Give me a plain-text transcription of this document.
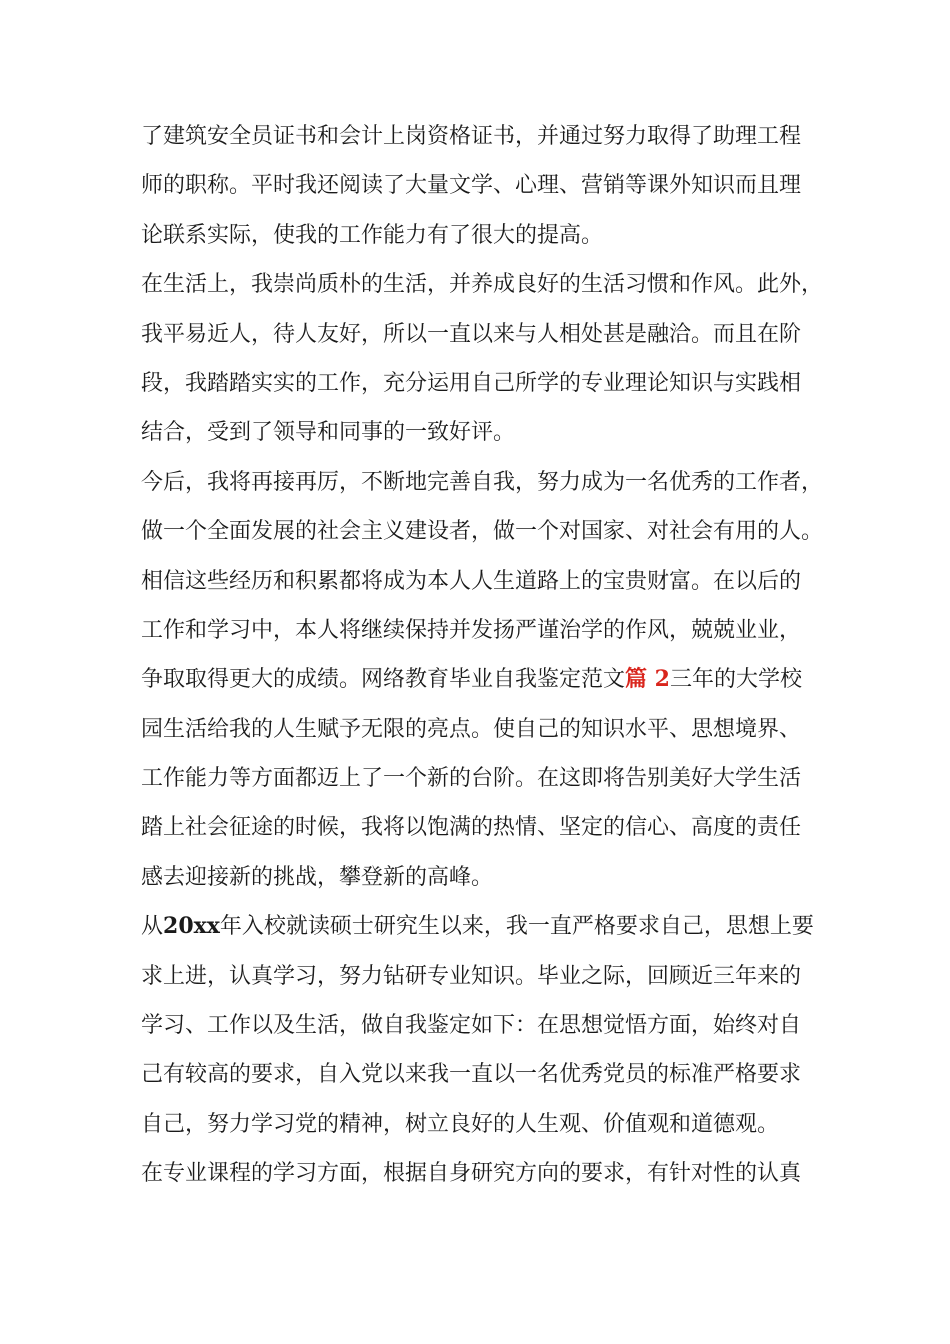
了建筑安全员证书和会计上岗资格证书，并通过努力取得了助理工程
师的职称。平时我还阅读了大量文学、心理、营销等课外知识而且理
论联系实际，使我的工作能力有了很大的提高。
在生活上，我崇尚质朴的生活，并养成良好的生活习惯和作风。此外，
我平易近人，待人友好，所以一直以来与人相处甚是融洽。而且在阶
段，我踏踏实实的工作，充分运用自己所学的专业理论知识与实践相
结合，受到了领导和同事的一致好评。
今后，我将再接再厉，不断地完善自我，努力成为一名优秀的工作者，
做一个全面发展的社会主义建设者，做一个对国家、对社会有用的人。
相信这些经历和积累都将成为本人人生道路上的宝贵财富。在以后的
工作和学习中，本人将继续保持并发扬严谨治学的作风，兢兢业业，
争取取得更大的成绩。网络教育毕业自我鉴定范文篇 2三年的大学校
园生活给我的人生赋予无限的亮点。使自己的知识水平、思想境界、
工作能力等方面都迈上了一个新的台阶。在这即将告别美好大学生活
踏上社会征途的时候，我将以饱满的热情、坚定的信心、高度的责任
感去迎接新的挑战，攀登新的高峰。
从20xx年入校就读硕士研究生以来，我一直严格要求自己，思想上要
求上进，认真学习，努力钻研专业知识。毕业之际，回顾近三年来的
学习、工作以及生活，做自我鉴定如下：在思想觉悟方面，始终对自
己有较高的要求，自入党以来我一直以一名优秀党员的标准严格要求
自己，努力学习党的精神，树立良好的人生观、价值观和道德观。
在专业课程的学习方面，根据自身研究方向的要求，有针对性的认真
